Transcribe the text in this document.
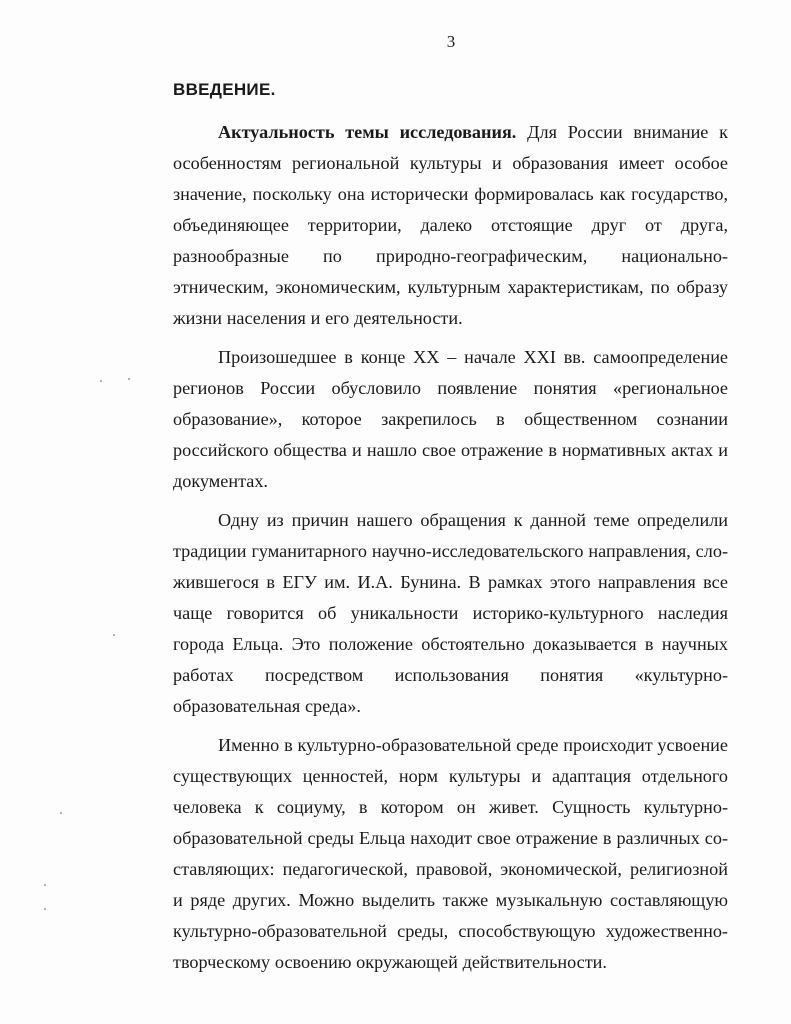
3
ВВЕДЕНИЕ.

Актуальность темы исследования. Для России внимание к особенностям региональной культуры и образования имеет особое значение, поскольку она исторически формировалась как государство, объединяющее территории, далеко отстоящие друг от друга, разнообразные по природно-географическим, национально-этническим, экономическим, культурным характеристикам, по образу жизни населения и его деятельности.

Произошедшее в конце XX – начале XXI вв. самоопределение регионов России обусловило появление понятия «региональное образование», которое закрепилось в общественном сознании российского общества и нашло свое отражение в нормативных актах и документах.

Одну из причин нашего обращения к данной теме определили традиции гуманитарного научно-исследовательского направления, сложившегося в ЕГУ им. И.А. Бунина. В рамках этого направления все чаще говорится об уникальности историко-культурного наследия города Ельца. Это положение обстоятельно доказывается в научных работах посредством использования понятия «культурно-образовательная среда».

Именно в культурно-образовательной среде происходит усвоение существующих ценностей, норм культуры и адаптация отдельного человека к социуму, в котором он живет. Сущность культурно-образовательной среды Ельца находит свое отражение в различных составляющих: педагогической, правовой, экономической, религиозной и ряде других. Можно выделить также музыкальную составляющую культурно-образовательной среды, способствующую художественно-творческому освоению окружающей действительности.
